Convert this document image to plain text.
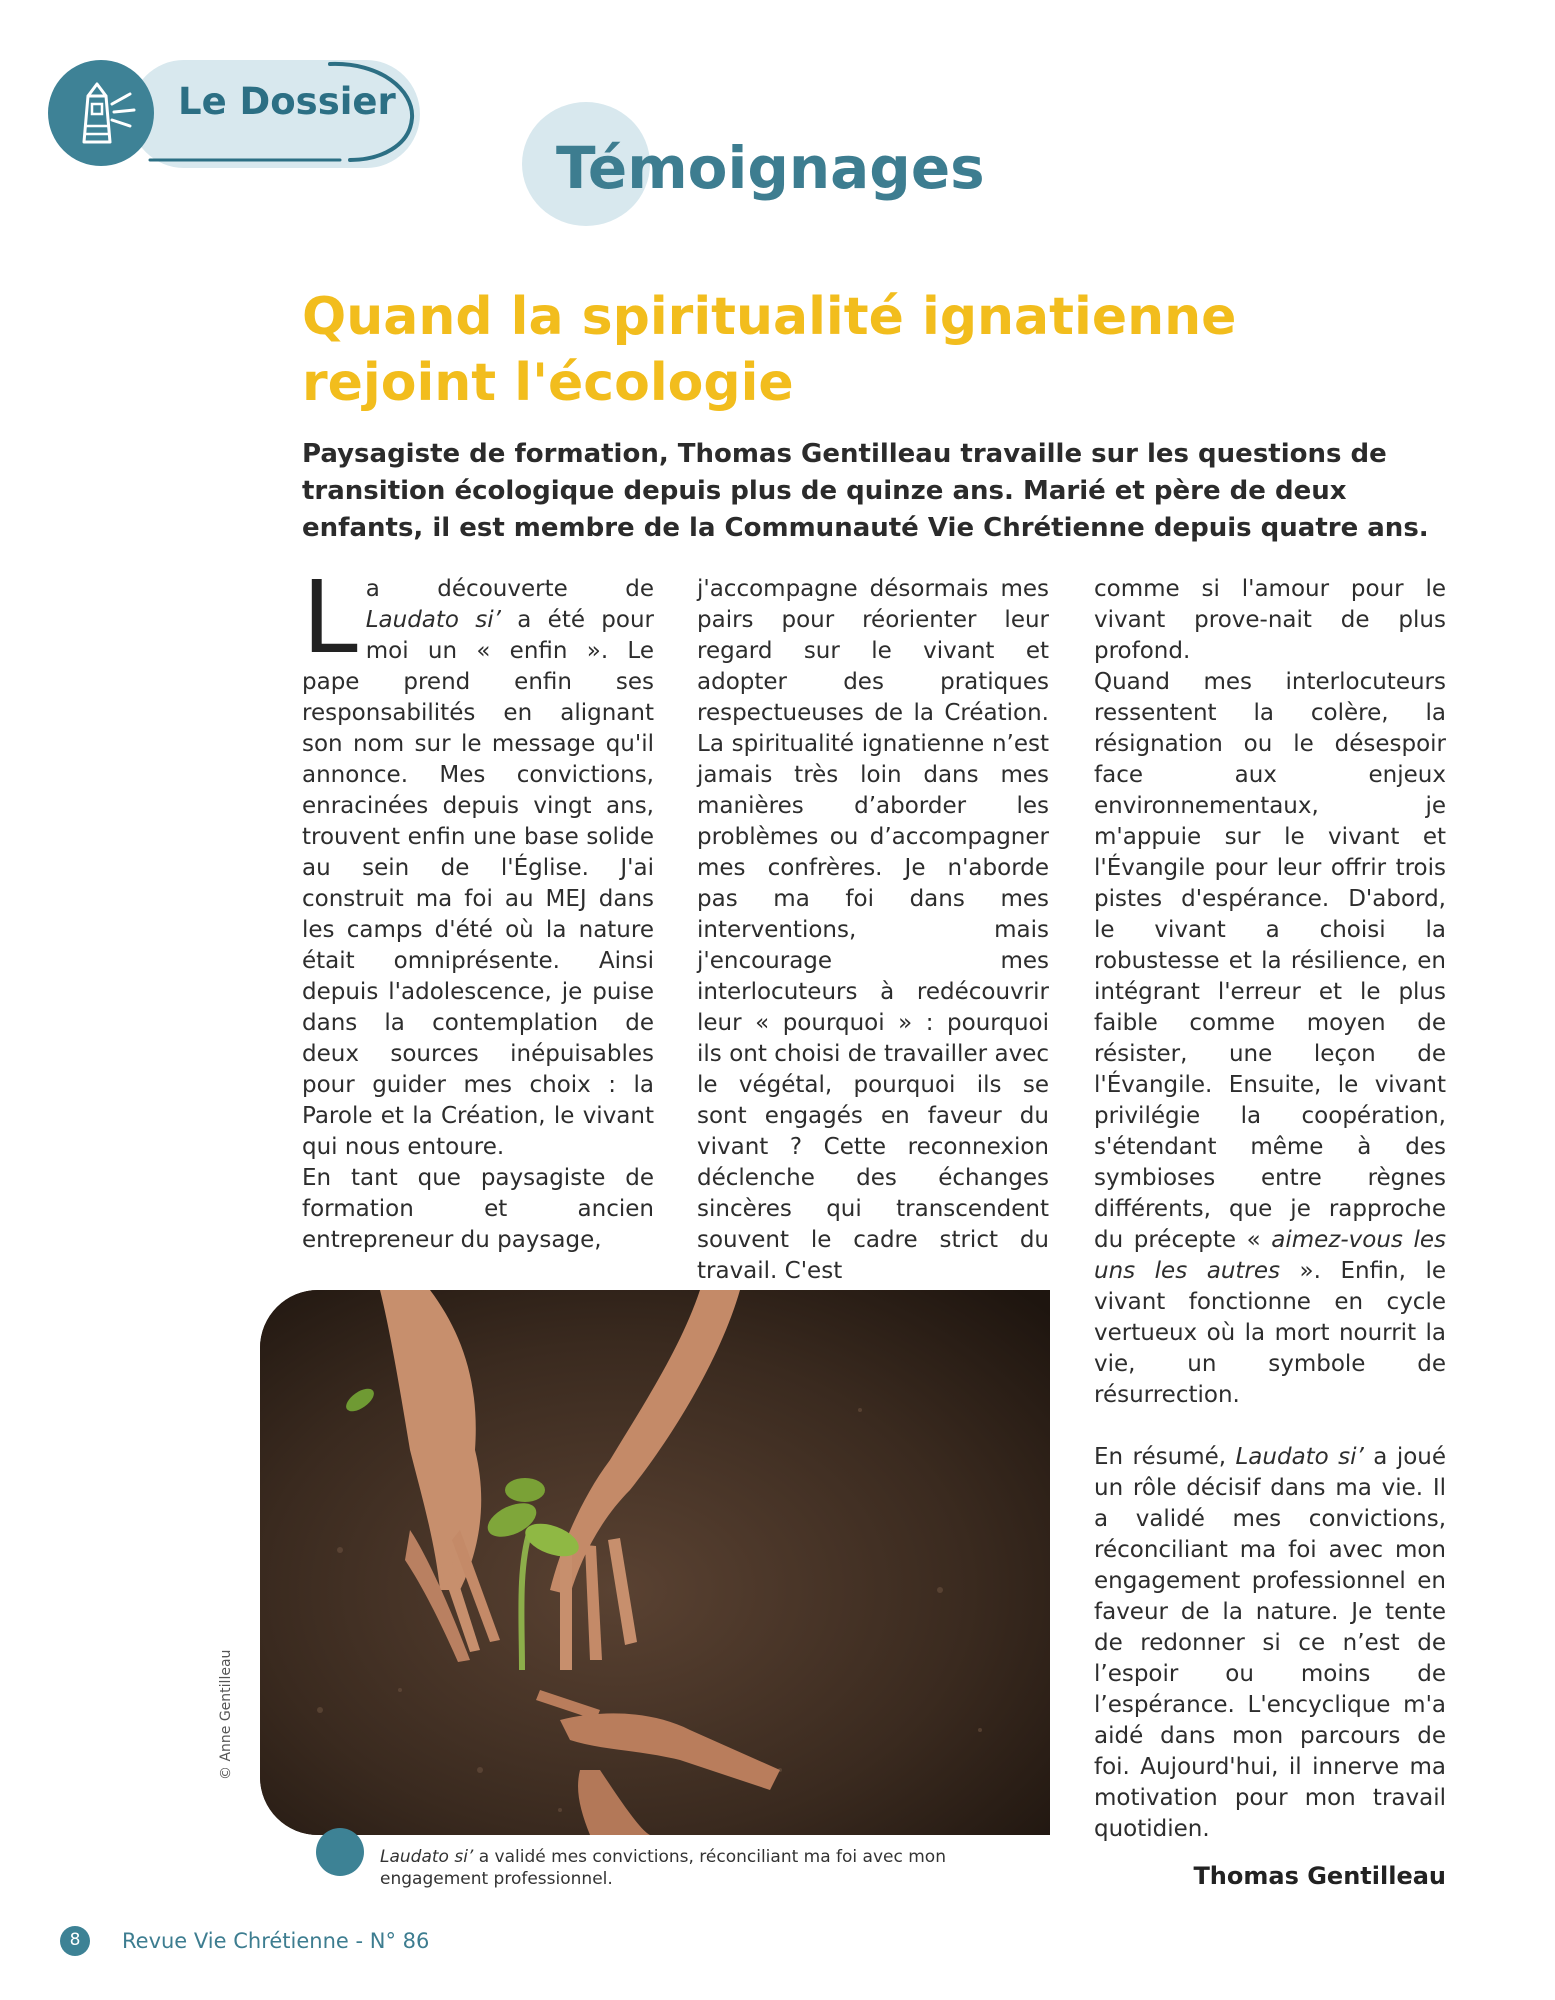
Le Dossier
Témoignages
Quand la spiritualité ignatienne
rejoint l'écologie
Paysagiste de formation, Thomas Gentilleau travaille sur les questions de transition écologique depuis plus de quinze ans. Marié et père de deux enfants, il est membre de la Communauté Vie Chrétienne depuis quatre ans.

La découverte de Laudato si’ a été pour moi un « enfin ». Le pape prend enfin ses responsabilités en alignant son nom sur le message qu'il annonce. Mes convictions, enracinées depuis vingt ans, trouvent enfin une base solide au sein de l'Église. J'ai construit ma foi au MEJ dans les camps d'été où la nature était omniprésente. Ainsi depuis l'adolescence, je puise dans la contemplation de deux sources inépuisables pour guider mes choix : la Parole et la Création, le vivant qui nous entoure.

En tant que paysagiste de formation et ancien entrepreneur du paysage,

j'accompagne désormais mes pairs pour réorienter leur regard sur le vivant et adopter des pratiques respectueuses de la Création. La spiritualité ignatienne n’est jamais très loin dans mes manières d’aborder les problèmes ou d’accompagner mes confrères. Je n'aborde pas ma foi dans mes interventions, mais j'encourage mes interlocuteurs à redécouvrir leur « pourquoi » : pourquoi ils ont choisi de travailler avec le végétal, pourquoi ils se sont engagés en faveur du vivant ? Cette reconnexion déclenche des échanges sincères qui transcendent souvent le cadre strict du travail. C'est

comme si l'amour pour le vivant prove-nait de plus profond.

Quand mes interlocuteurs ressentent la colère, la résignation ou le désespoir face aux enjeux environnementaux, je m'appuie sur le vivant et l'Évangile pour leur offrir trois pistes d'espérance. D'abord, le vivant a choisi la robustesse et la résilience, en intégrant l'erreur et le plus faible comme moyen de résister, une leçon de l'Évangile. Ensuite, le vivant privilégie la coopération, s'étendant même à des symbioses entre règnes différents, que je rapproche du précepte « aimez-vous les uns les autres ». Enfin, le vivant fonctionne en cycle vertueux où la mort nourrit la vie, un symbole de résurrection.

En résumé, Laudato si’ a joué un rôle décisif dans ma vie. Il a validé mes convictions, réconciliant ma foi avec mon engagement professionnel en faveur de la nature. Je tente de redonner si ce n’est de l’espoir ou moins de l’espérance. L'encyclique m'a aidé dans mon parcours de foi. Aujourd'hui, il innerve ma motivation pour mon travail quotidien.

© Anne Gentilleau
Laudato si’ a validé mes convictions, réconciliant ma foi avec mon engagement professionnel.	Thomas Gentilleau
8	Revue Vie Chrétienne - N° 86
